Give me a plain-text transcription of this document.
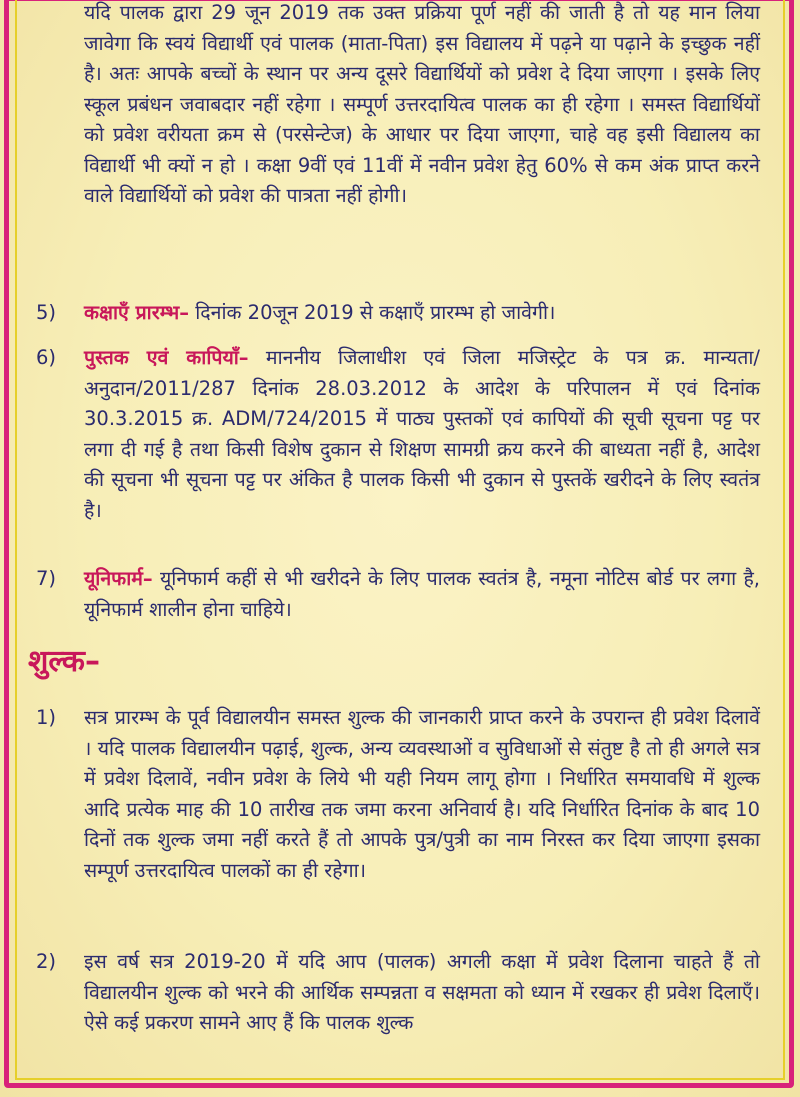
यदि पालक द्वारा 29 जून 2019 तक उक्त प्रक्रिया पूर्ण नहीं की जाती है तो यह मान लिया जावेगा कि स्वयं विद्यार्थी एवं पालक (माता-पिता) इस विद्यालय में पढ़ने या पढ़ाने के इच्छुक नहीं है। अतः आपके बच्चों के स्थान पर अन्य दूसरे विद्यार्थियों को प्रवेश दे दिया जाएगा । इसके लिए स्कूल प्रबंधन जवाबदार नहीं रहेगा । सम्पूर्ण उत्तरदायित्व पालक का ही रहेगा । समस्त विद्यार्थियों को प्रवेश वरीयता क्रम से (परसेन्टेज) के आधार पर दिया जाएगा, चाहे वह इसी विद्यालय का विद्यार्थी भी क्यों न हो । कक्षा 9वीं एवं 11वीं में नवीन प्रवेश हेतु 60% से कम अंक प्राप्त करने वाले विद्यार्थियों को प्रवेश की पात्रता नहीं होगी।

5) कक्षाएँ प्रारम्भ– दिनांक 20जून 2019 से कक्षाएँ प्रारम्भ हो जावेगी।

6) पुस्तक एवं कापियाँ– माननीय जिलाधीश एवं जिला मजिस्ट्रेट के पत्र क्र. मान्यता/अनुदान/2011/287 दिनांक 28.03.2012 के आदेश के परिपालन में एवं दिनांक 30.3.2015 क्र. ADM/724/2015 में पाठ्य पुस्तकों एवं कापियों की सूची सूचना पट्ट पर लगा दी गई है तथा किसी विशेष दुकान से शिक्षण सामग्री क्रय करने की बाध्यता नहीं है, आदेश की सूचना भी सूचना पट्ट पर अंकित है पालक किसी भी दुकान से पुस्तकें खरीदने के लिए स्वतंत्र है।

7) यूनिफार्म– यूनिफार्म कहीं से भी खरीदने के लिए पालक स्वतंत्र है, नमूना नोटिस बोर्ड पर लगा है, यूनिफार्म शालीन होना चाहिये।

शुल्क–
1) सत्र प्रारम्भ के पूर्व विद्यालयीन समस्त शुल्क की जानकारी प्राप्त करने के उपरान्त ही प्रवेश दिलावें । यदि पालक विद्यालयीन पढ़ाई, शुल्क, अन्य व्यवस्थाओं व सुविधाओं से संतुष्ट है तो ही अगले सत्र में प्रवेश दिलावें, नवीन प्रवेश के लिये भी यही नियम लागू होगा । निर्धारित समयावधि में शुल्क आदि प्रत्येक माह की 10 तारीख तक जमा करना अनिवार्य है। यदि निर्धारित दिनांक के बाद 10 दिनों तक शुल्क जमा नहीं करते हैं तो आपके पुत्र/पुत्री का नाम निरस्त कर दिया जाएगा इसका सम्पूर्ण उत्तरदायित्व पालकों का ही रहेगा।

2) इस वर्ष सत्र 2019-20 में यदि आप (पालक) अगली कक्षा में प्रवेश दिलाना चाहते हैं तो विद्यालयीन शुल्क को भरने की आर्थिक सम्पन्नता व सक्षमता को ध्यान में रखकर ही प्रवेश दिलाएँ। ऐसे कई प्रकरण सामने आए हैं कि पालक शुल्क
